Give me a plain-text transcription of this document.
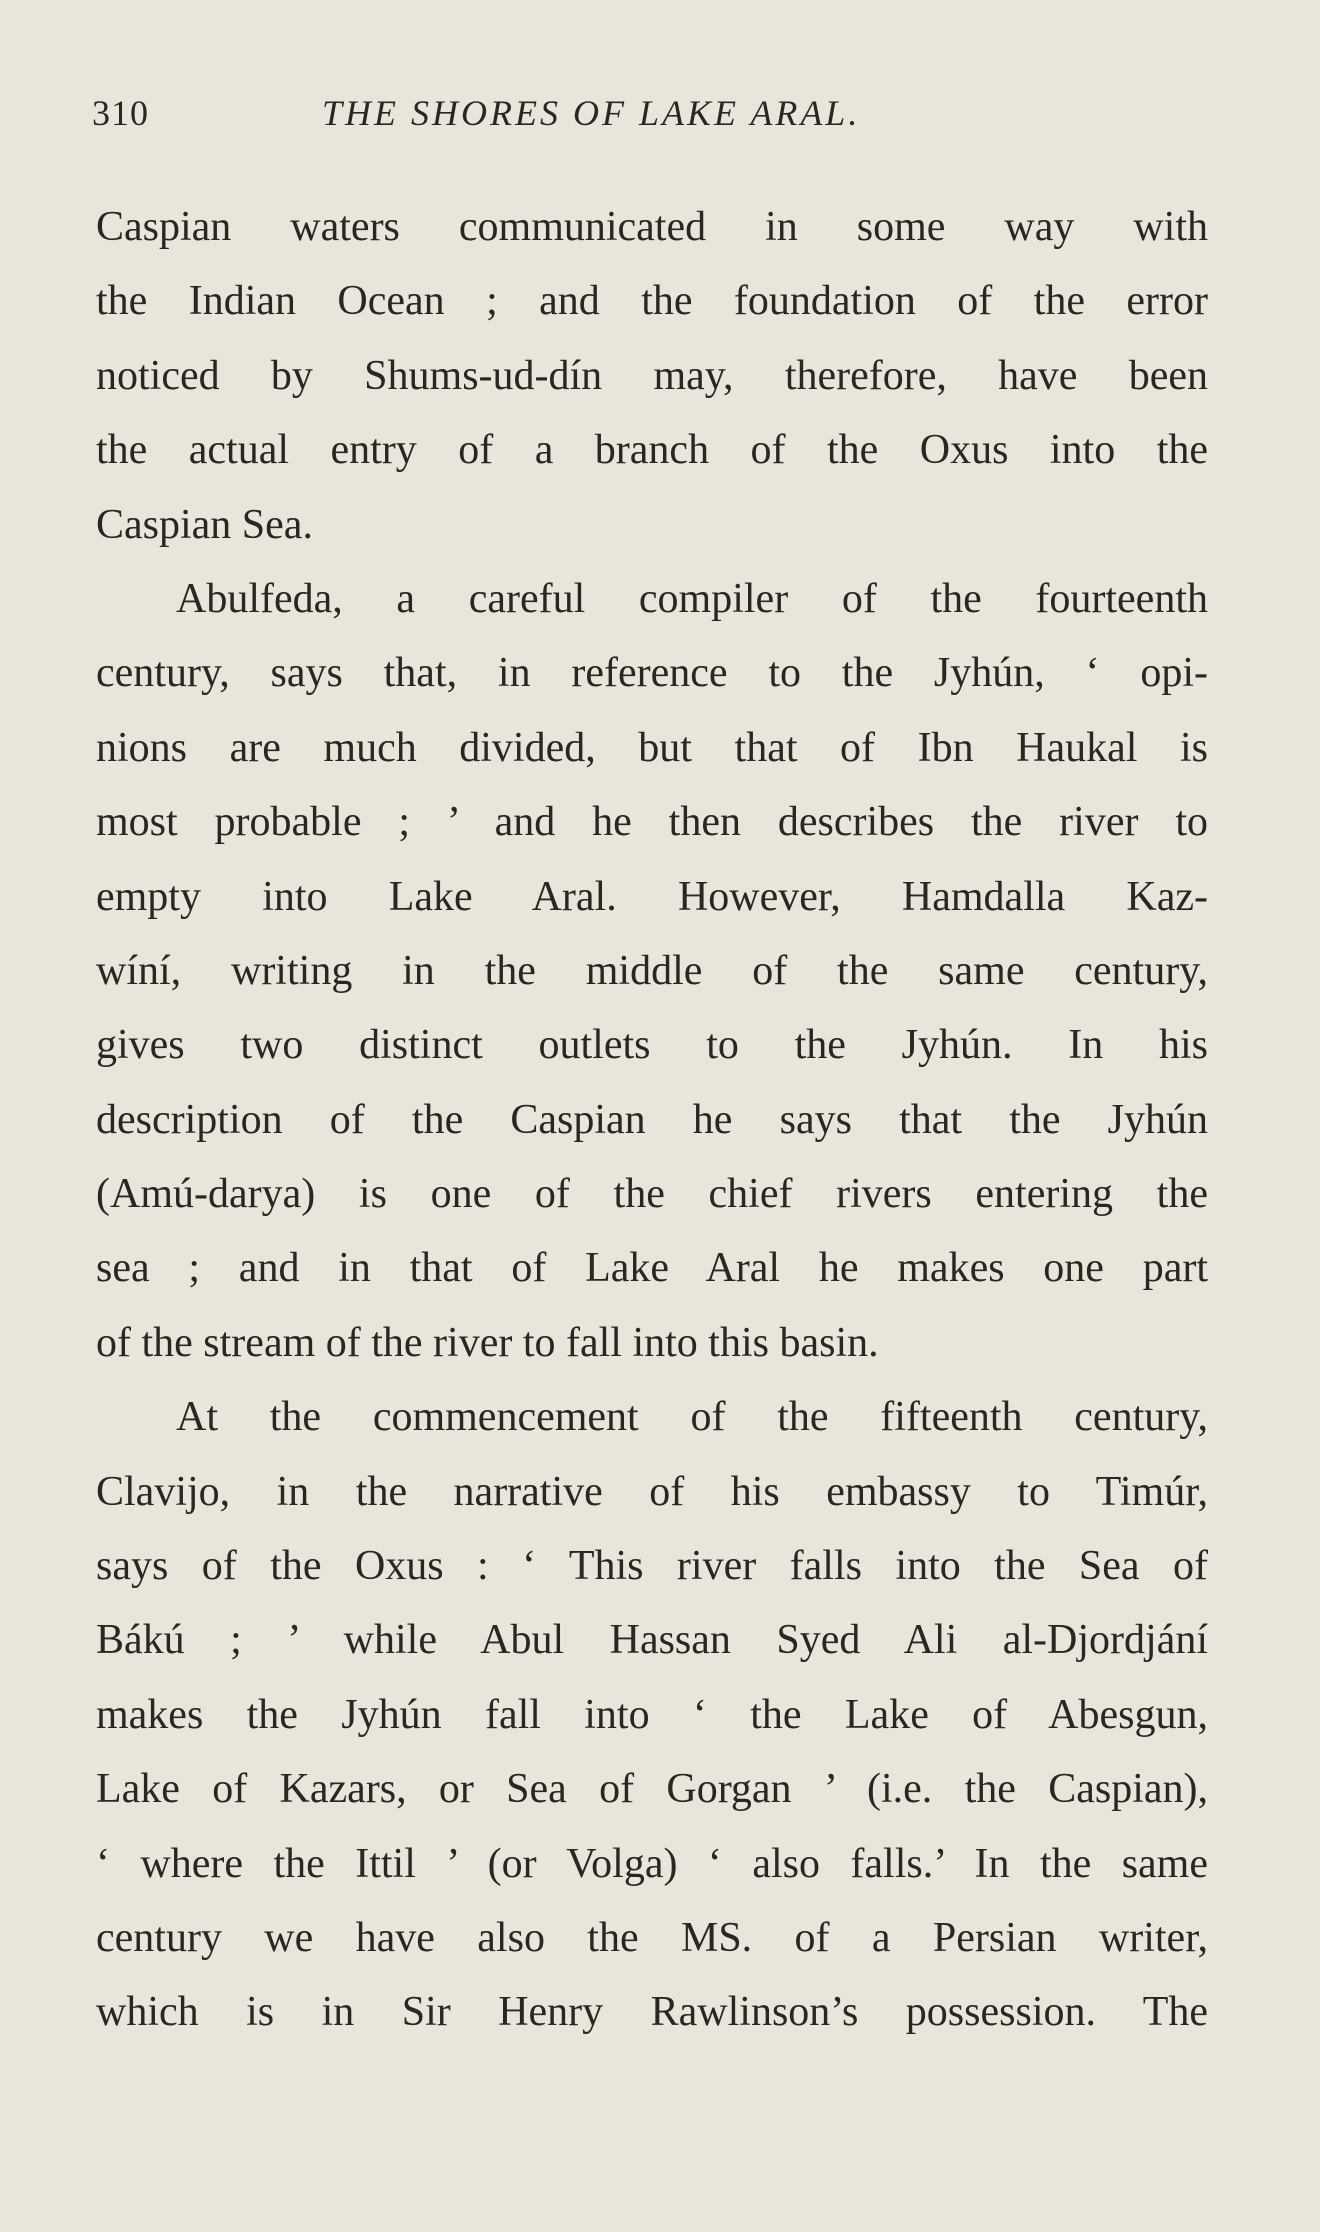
310	THE SHORES OF LAKE ARAL.
Caspian waters communicated in some way with
the Indian Ocean ; and the foundation of the error
noticed by Shums-ud-dín may, therefore, have been
the actual entry of a branch of the Oxus into the
Caspian Sea.
Abulfeda, a careful compiler of the fourteenth
century, says that, in reference to the Jyhún, ‘ opi-
nions are much divided, but that of Ibn Haukal is
most probable ; ’ and he then describes the river to
empty into Lake Aral. However, Hamdalla Kaz-
wíní, writing in the middle of the same century,
gives two distinct outlets to the Jyhún. In his
description of the Caspian he says that the Jyhún
(Amú-darya) is one of the chief rivers entering the
sea ; and in that of Lake Aral he makes one part
of the stream of the river to fall into this basin.
At the commencement of the fifteenth century,
Clavijo, in the narrative of his embassy to Timúr,
says of the Oxus : ‘ This river falls into the Sea of
Bákú ; ’ while Abul Hassan Syed Ali al-Djordjání
makes the Jyhún fall into ‘ the Lake of Abesgun,
Lake of Kazars, or Sea of Gorgan ’ (i.e. the Caspian),
‘ where the Ittil ’ (or Volga) ‘ also falls.’ In the same
century we have also the MS. of a Persian writer,
which is in Sir Henry Rawlinson’s possession. The
